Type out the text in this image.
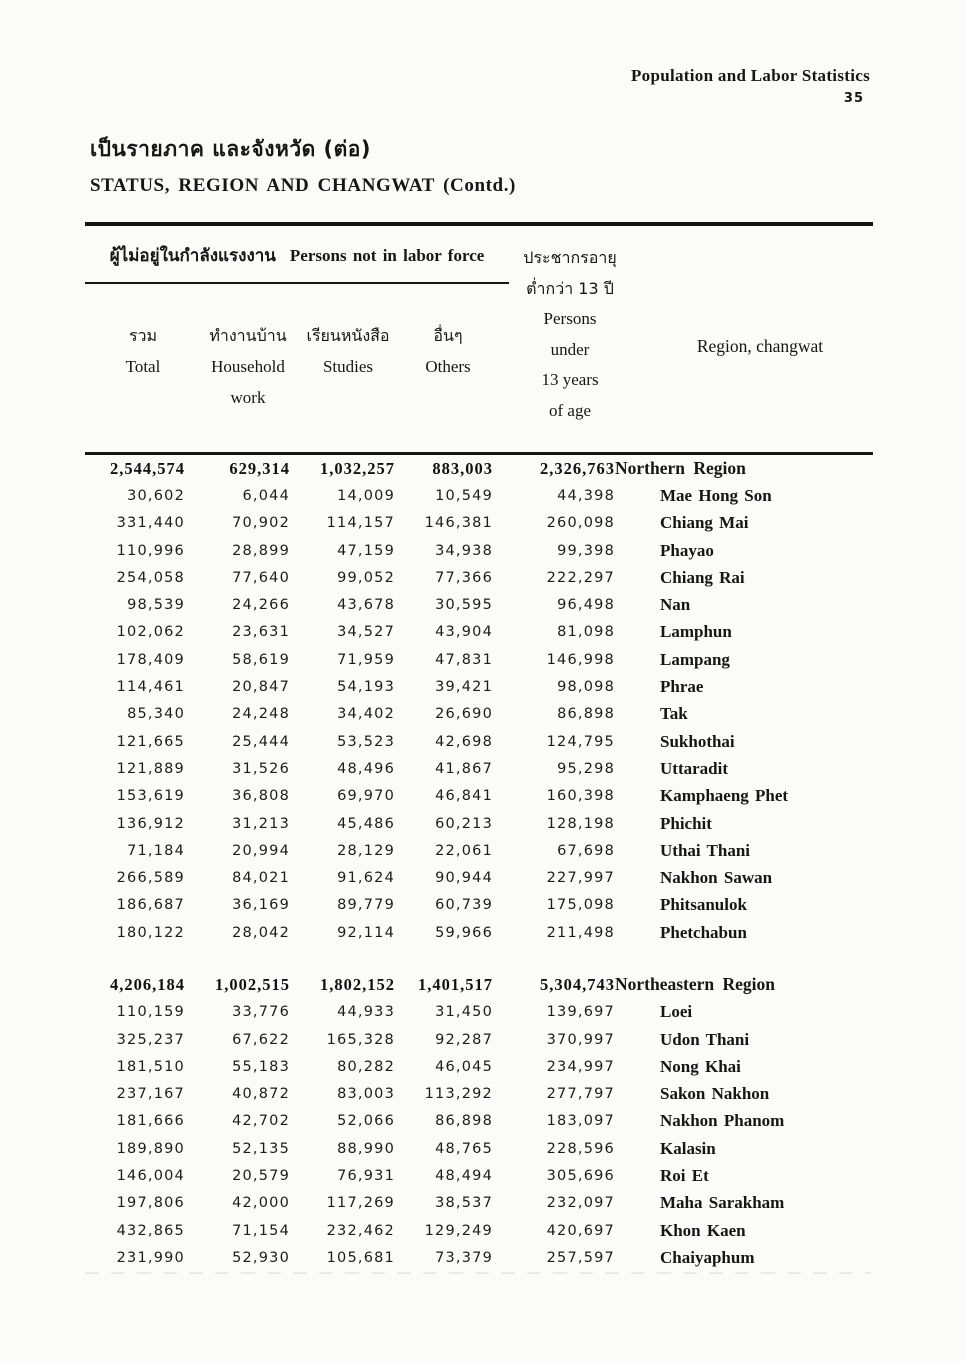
Population and Labor Statistics
35
เป็นรายภาค และจังหวัด (ต่อ)
STATUS, REGION AND CHANGWAT (Contd.)
ผู้ไม่อยู่ในกำลังแรงงาน Persons not in labor force
รวม
Total
ทำงานบ้าน
Household
work
เรียนหนังสือ
Studies
อื่นๆ
Others
ประชากรอายุ
ต่ำกว่า 13 ปี
Persons
under
13 years
of age
Region, changwat
2,544,574	629,314	1,032,257	883,003	2,326,763	Northern Region
30,602	6,044	14,009	10,549	44,398	Mae Hong Son
331,440	70,902	114,157	146,381	260,098	Chiang Mai
110,996	28,899	47,159	34,938	99,398	Phayao
254,058	77,640	99,052	77,366	222,297	Chiang Rai
98,539	24,266	43,678	30,595	96,498	Nan
102,062	23,631	34,527	43,904	81,098	Lamphun
178,409	58,619	71,959	47,831	146,998	Lampang
114,461	20,847	54,193	39,421	98,098	Phrae
85,340	24,248	34,402	26,690	86,898	Tak
121,665	25,444	53,523	42,698	124,795	Sukhothai
121,889	31,526	48,496	41,867	95,298	Uttaradit
153,619	36,808	69,970	46,841	160,398	Kamphaeng Phet
136,912	31,213	45,486	60,213	128,198	Phichit
71,184	20,994	28,129	22,061	67,698	Uthai Thani
266,589	84,021	91,624	90,944	227,997	Nakhon Sawan
186,687	36,169	89,779	60,739	175,098	Phitsanulok
180,122	28,042	92,114	59,966	211,498	Phetchabun

4,206,184	1,002,515	1,802,152	1,401,517	5,304,743	Northeastern Region
110,159	33,776	44,933	31,450	139,697	Loei
325,237	67,622	165,328	92,287	370,997	Udon Thani
181,510	55,183	80,282	46,045	234,997	Nong Khai
237,167	40,872	83,003	113,292	277,797	Sakon Nakhon
181,666	42,702	52,066	86,898	183,097	Nakhon Phanom
189,890	52,135	88,990	48,765	228,596	Kalasin
146,004	20,579	76,931	48,494	305,696	Roi Et
197,806	42,000	117,269	38,537	232,097	Maha Sarakham
432,865	71,154	232,462	129,249	420,697	Khon Kaen
231,990	52,930	105,681	73,379	257,597	Chaiyaphum
